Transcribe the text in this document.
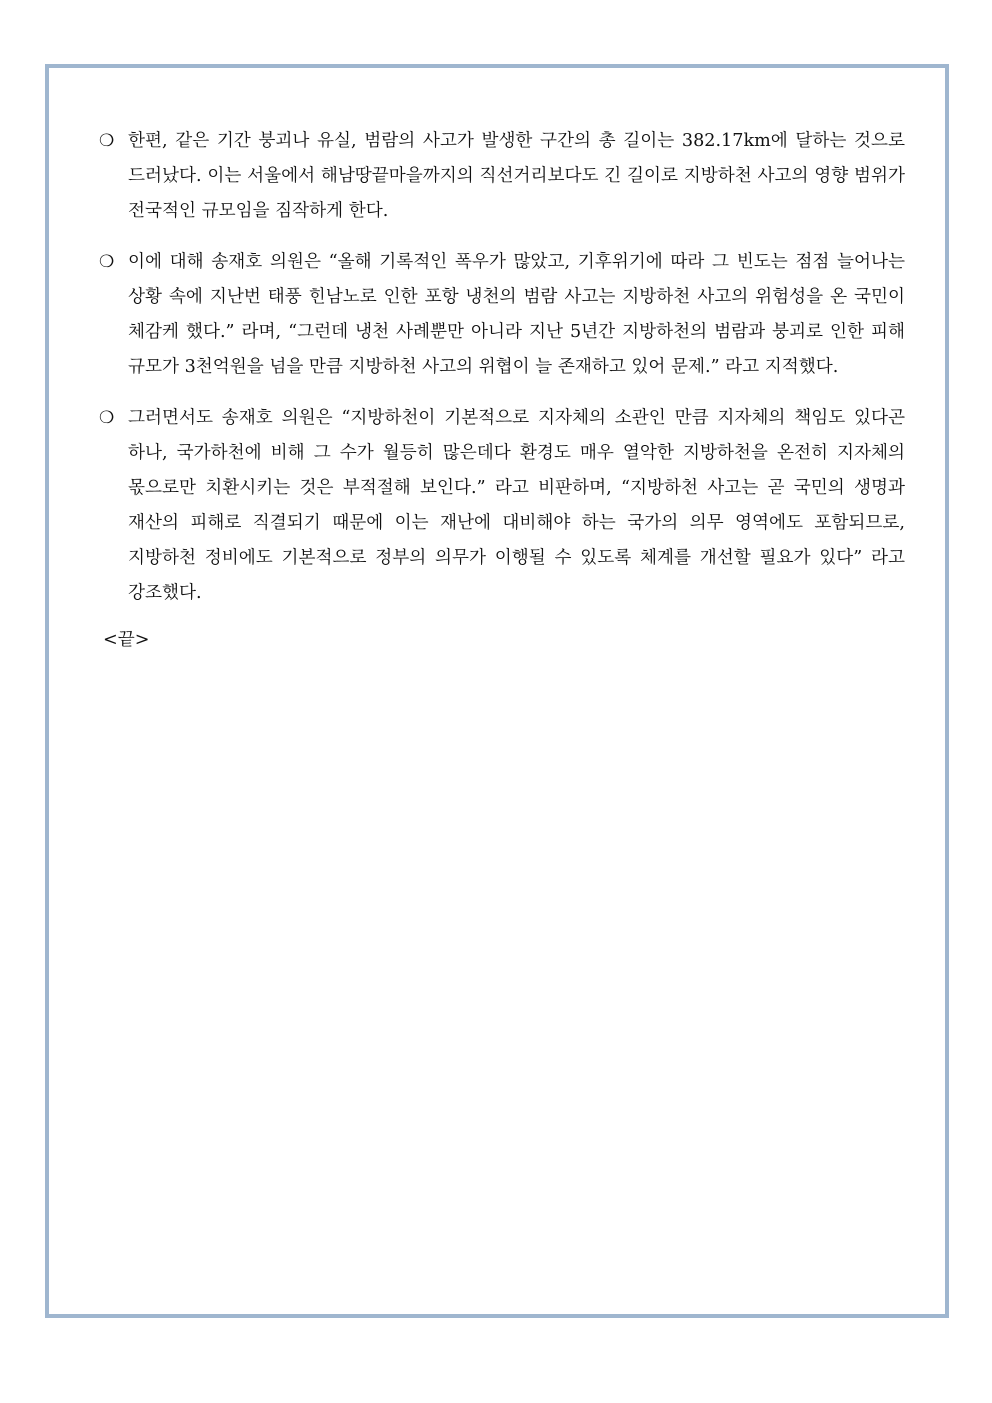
❍ 한편, 같은 기간 붕괴나 유실, 범람의 사고가 발생한 구간의 총 길이는 382.17km에 달하는 것으로 드러났다. 이는 서울에서 해남땅끝마을까지의 직선거리보다도 긴 길이로 지방하천 사고의 영향 범위가 전국적인 규모임을 짐작하게 한다.
❍ 이에 대해 송재호 의원은 “올해 기록적인 폭우가 많았고, 기후위기에 따라 그 빈도는 점점 늘어나는 상황 속에 지난번 태풍 힌남노로 인한 포항 냉천의 범람 사고는 지방하천 사고의 위험성을 온 국민이 체감케 했다.” 라며, “그런데 냉천 사례뿐만 아니라 지난 5년간 지방하천의 범람과 붕괴로 인한 피해 규모가 3천억원을 넘을 만큼 지방하천 사고의 위협이 늘 존재하고 있어 문제.” 라고 지적했다.
❍ 그러면서도 송재호 의원은 “지방하천이 기본적으로 지자체의 소관인 만큼 지자체의 책임도 있다곤 하나, 국가하천에 비해 그 수가 월등히 많은데다 환경도 매우 열악한 지방하천을 온전히 지자체의 몫으로만 치환시키는 것은 부적절해 보인다.” 라고 비판하며, “지방하천 사고는 곧 국민의 생명과 재산의 피해로 직결되기 때문에 이는 재난에 대비해야 하는 국가의 의무 영역에도 포함되므로, 지방하천 정비에도 기본적으로 정부의 의무가 이행될 수 있도록 체계를 개선할 필요가 있다” 라고 강조했다.
<끝>
